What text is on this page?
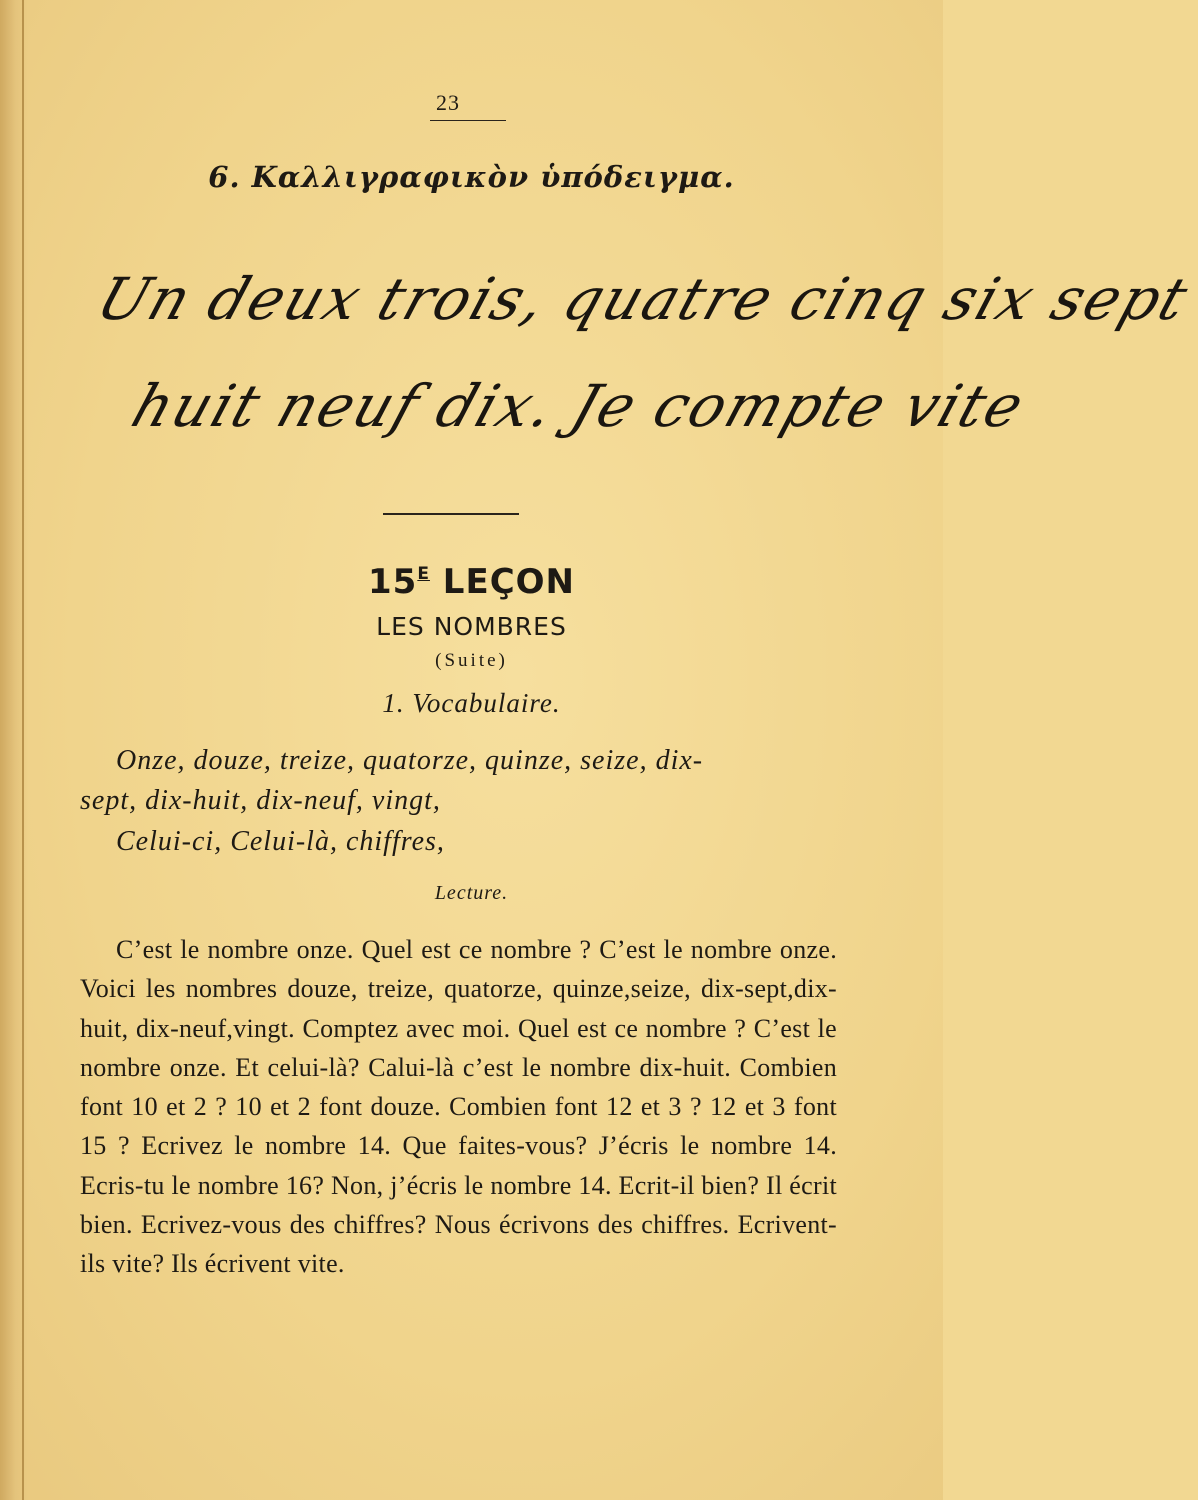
23
6. Καλλιγραφικὸν ὑπόδειγμα.
Un deux trois, quatre cinq six sept
huit neuf dix. Je compte vite
$15^E$ LEÇON
LES NOMBRES
(Suite)
1. Vocabulaire.
Onze, douze, treize, quatorze, quinze, seize, dix-
sept, dix-huit, dix-neuf, vingt,
Celui-ci, Celui-là, chiffres,
Lecture.
C’est le nombre onze. Quel est ce nombre ? C’est le nombre onze. Voici les nombres douze, treize, quatorze, quinze,seize, dix-sept,dix-huit, dix-neuf,vingt. Comptez avec moi. Quel est ce nombre ? C’est le nombre onze. Et celui-là? Calui-là c’est le nombre dix-huit. Combien font 10 et 2 ? 10 et 2 font douze. Combien font 12 et 3 ? 12 et 3 font 15 ? Ecrivez le nombre 14. Que faites-vous? J’écris le nombre 14. Ecris-tu le nombre 16? Non, j’écris le nombre 14. Ecrit-il bien? Il écrit bien. Ecrivez-vous des chiffres? Nous écrivons des chiffres. Ecrivent-ils vite? Ils écrivent vite.
